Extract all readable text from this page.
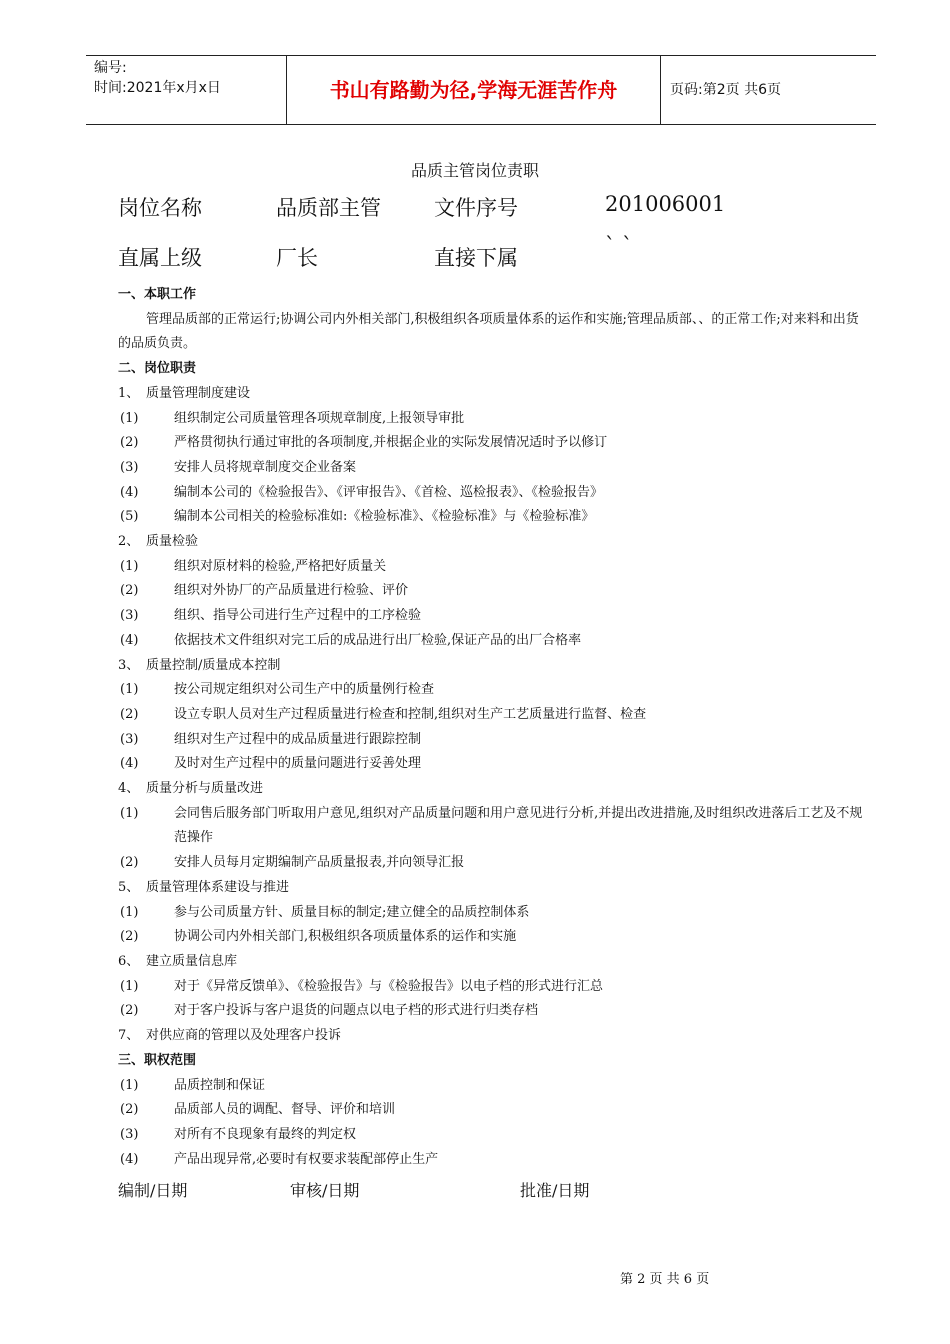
编号:
时间:2021年x月x日	书山有路勤为径,学海无涯苦作舟	页码:第2页 共6页
品质主管岗位责职
岗位名称	品质部主管	文件序号	201006001
直属上级	厂长	直接下属	` `
一、本职工作
管理品质部的正常运行;协调公司内外相关部门,积极组织各项质量体系的运作和实施;管理品质部、、的正常工作;对来料和出货的品质负责。
二、岗位职责
1、 质量管理制度建设
(1)	组织制定公司质量管理各项规章制度,上报领导审批
(2)	严格贯彻执行通过审批的各项制度,并根据企业的实际发展情况适时予以修订
(3)	安排人员将规章制度交企业备案
(4)	编制本公司的《检验报告》、《评审报告》、《首检、巡检报表》、《检验报告》
(5)	编制本公司相关的检验标准如:《检验标准》、《检验标准》与《检验标准》
2、 质量检验
(1)	组织对原材料的检验,严格把好质量关
(2)	组织对外协厂的产品质量进行检验、评价
(3)	组织、指导公司进行生产过程中的工序检验
(4)	依据技术文件组织对完工后的成品进行出厂检验,保证产品的出厂合格率
3、 质量控制/质量成本控制
(1)	按公司规定组织对公司生产中的质量例行检查
(2)	设立专职人员对生产过程质量进行检查和控制,组织对生产工艺质量进行监督、检查
(3)	组织对生产过程中的成品质量进行跟踪控制
(4)	及时对生产过程中的质量问题进行妥善处理
4、 质量分析与质量改进
(1)	会同售后服务部门听取用户意见,组织对产品质量问题和用户意见进行分析,并提出改进措施,及时组织改进落后工艺及不规范操作
(2)	安排人员每月定期编制产品质量报表,并向领导汇报
5、 质量管理体系建设与推进
(1)	参与公司质量方针、质量目标的制定;建立健全的品质控制体系
(2)	协调公司内外相关部门,积极组织各项质量体系的运作和实施
6、 建立质量信息库
(1)	对于《异常反馈单》、《检验报告》与《检验报告》以电子档的形式进行汇总
(2)	对于客户投诉与客户退货的问题点以电子档的形式进行归类存档
7、 对供应商的管理以及处理客户投诉
三、职权范围
(1)	品质控制和保证
(2)	品质部人员的调配、督导、评价和培训
(3)	对所有不良现象有最终的判定权
(4)	产品出现异常,必要时有权要求装配部停止生产
编制/日期	审核/日期	批准/日期
第 2 页 共 6 页
